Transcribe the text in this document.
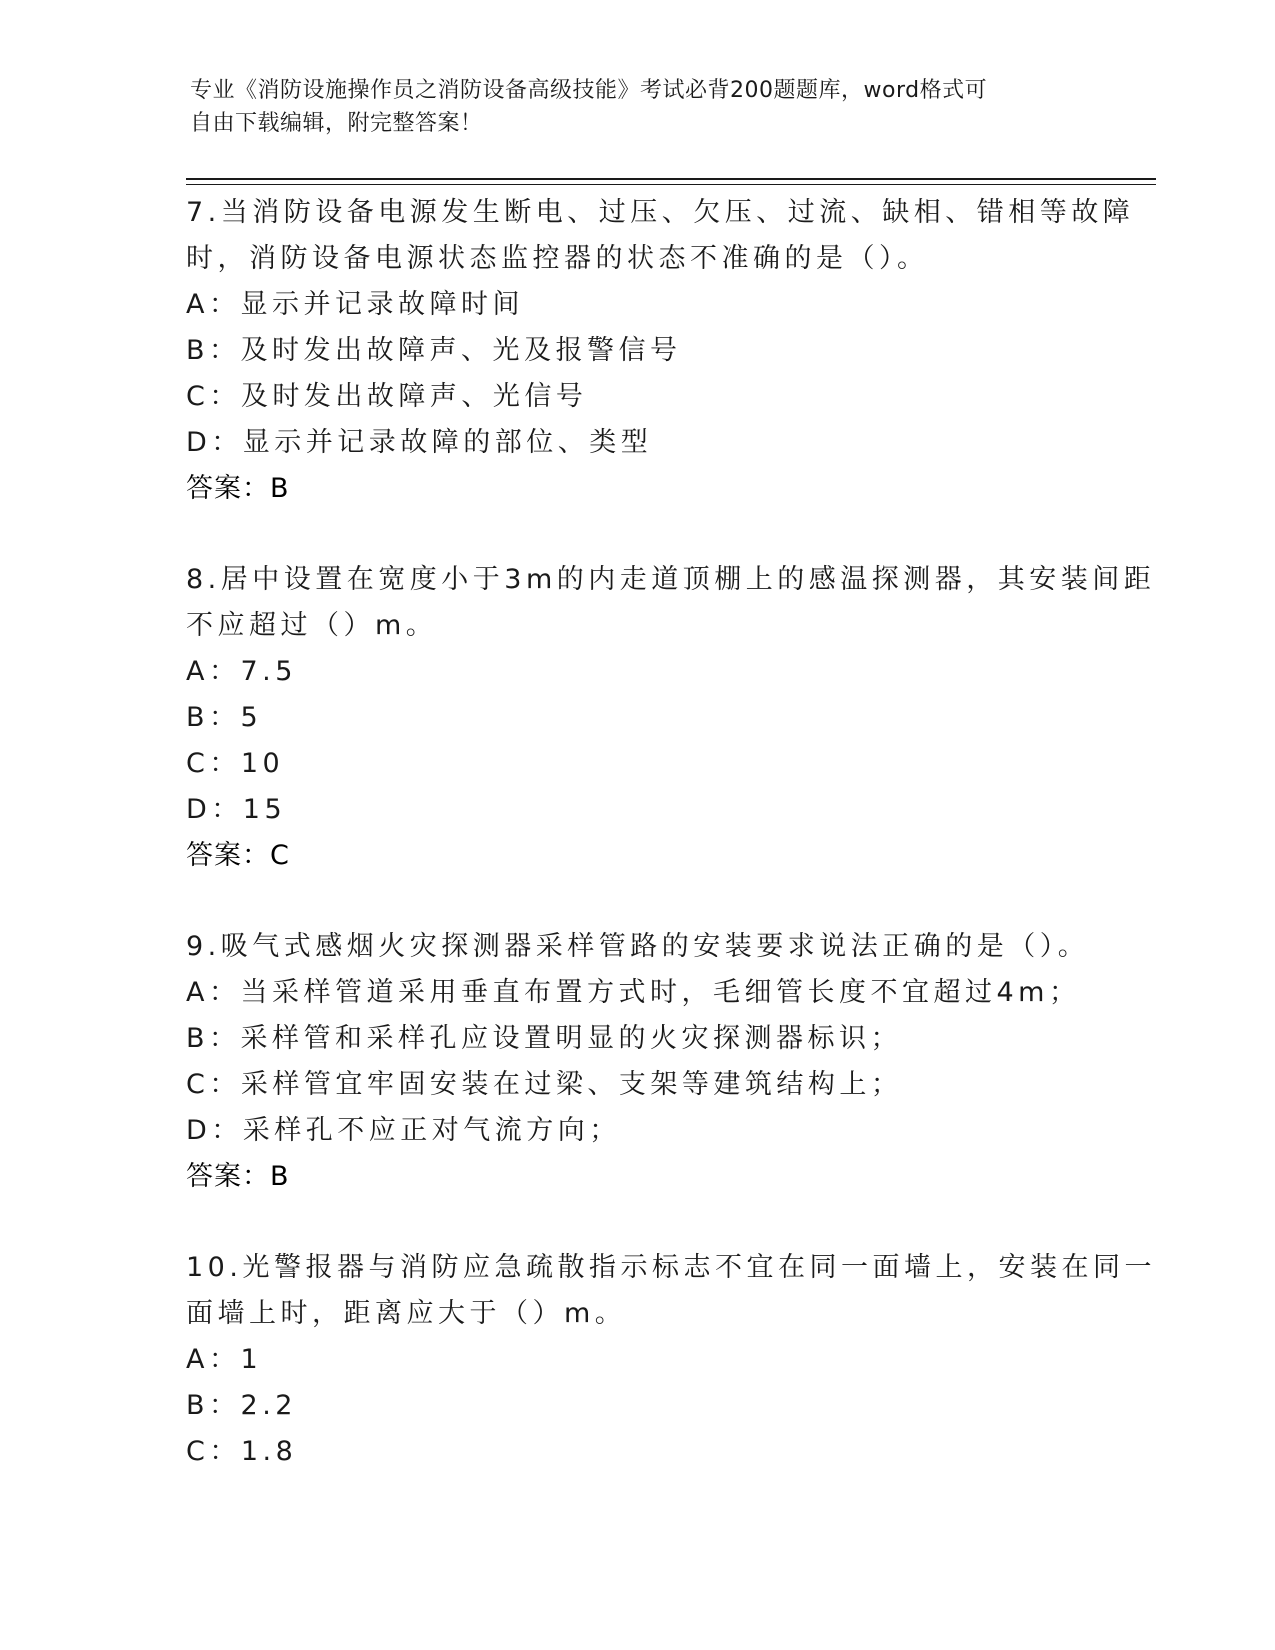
专业《消防设施操作员之消防设备高级技能》考试必背200题题库，word格式可
自由下载编辑，附完整答案！
7.当消防设备电源发生断电、过压、欠压、过流、缺相、错相等故障
时，消防设备电源状态监控器的状态不准确的是（）。
A：显示并记录故障时间
B：及时发出故障声、光及报警信号
C：及时发出故障声、光信号
D：显示并记录故障的部位、类型
答案：B
8.居中设置在宽度小于3m的内走道顶棚上的感温探测器，其安装间距
不应超过（）m。
A：7.5
B：5
C：10
D：15
答案：C
9.吸气式感烟火灾探测器采样管路的安装要求说法正确的是（）。
A：当采样管道采用垂直布置方式时，毛细管长度不宜超过4m；
B：采样管和采样孔应设置明显的火灾探测器标识；
C：采样管宜牢固安装在过梁、支架等建筑结构上；
D：采样孔不应正对气流方向；
答案：B
10.光警报器与消防应急疏散指示标志不宜在同一面墙上，安装在同一
面墙上时，距离应大于（）m。
A：1
B：2.2
C：1.8
